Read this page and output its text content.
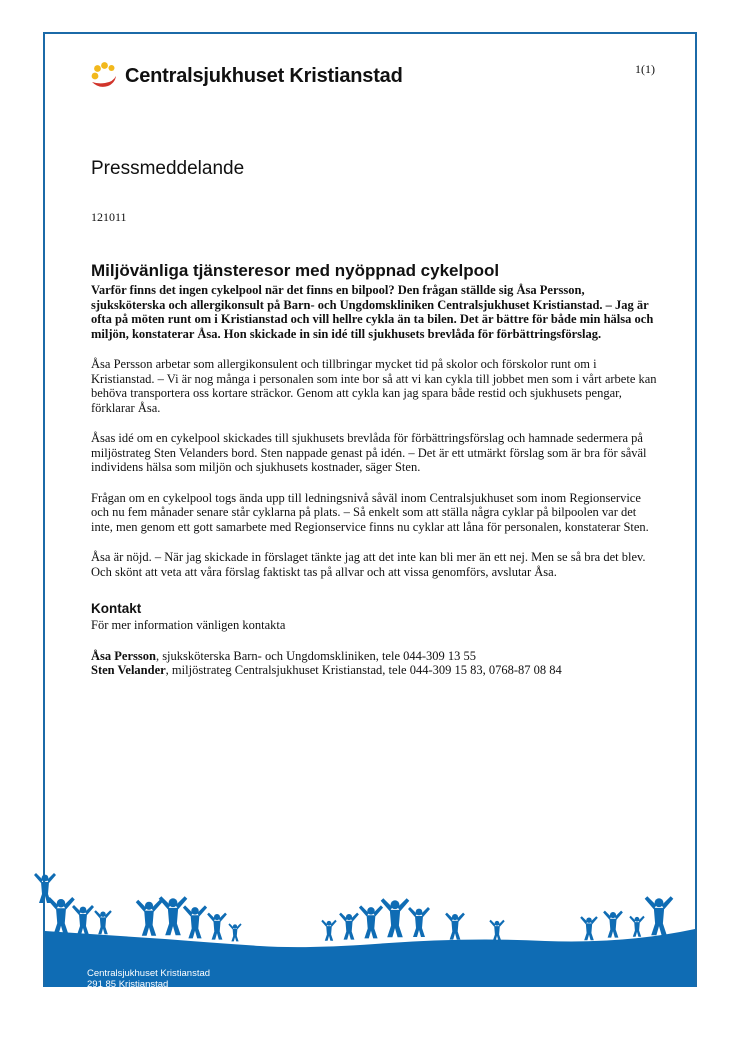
Centralsjukhuset Kristianstad	1(1)
Pressmeddelande
121011
Miljövänliga tjänsteresor med nyöppnad cykelpool

Varför finns det ingen cykelpool när det finns en bilpool? Den frågan ställde sig Åsa Persson, sjuksköterska och allergikonsult på Barn- och Ungdomskliniken Centralsjukhuset Kristianstad. – Jag är ofta på möten runt om i Kristianstad och vill hellre cykla än ta bilen. Det är bättre för både min hälsa och miljön, konstaterar Åsa. Hon skickade in sin idé till sjukhusets brevlåda för förbättringsförslag.

Åsa Persson arbetar som allergikonsulent och tillbringar mycket tid på skolor och förskolor runt om i Kristianstad. – Vi är nog många i personalen som inte bor så att vi kan cykla till jobbet men som i vårt arbete kan behöva transportera oss kortare sträckor. Genom att cykla kan jag spara både restid och sjukhusets pengar, förklarar Åsa.

Åsas idé om en cykelpool skickades till sjukhusets brevlåda för förbättringsförslag och hamnade sedermera på miljöstrateg Sten Velanders bord. Sten nappade genast på idén. – Det är ett utmärkt förslag som är bra för såväl individens hälsa som miljön och sjukhusets kostnader, säger Sten.

Frågan om en cykelpool togs ända upp till ledningsnivå såväl inom Centralsjukhuset som inom Regionservice och nu fem månader senare står cyklarna på plats. – Så enkelt som att ställa några cyklar på bilpoolen var det inte, men genom ett gott samarbete med Regionservice finns nu cyklar att låna för personalen, konstaterar Sten.

Åsa är nöjd. – När jag skickade in förslaget tänkte jag att det inte kan bli mer än ett nej. Men se så bra det blev. Och skönt att veta att våra förslag faktiskt tas på allvar och att vissa genomförs, avslutar Åsa.

Kontakt

För mer information vänligen kontakta

Åsa Persson, sjuksköterska Barn- och Ungdomskliniken, tele 044-309 13 55

Sten Velander, miljöstrateg Centralsjukhuset Kristianstad, tele 044-309 15 83, 0768-87 08 84

Centralsjukhuset Kristianstad
291 85 Kristianstad
044-309 10 00	www.centralsjukhuset.nu
